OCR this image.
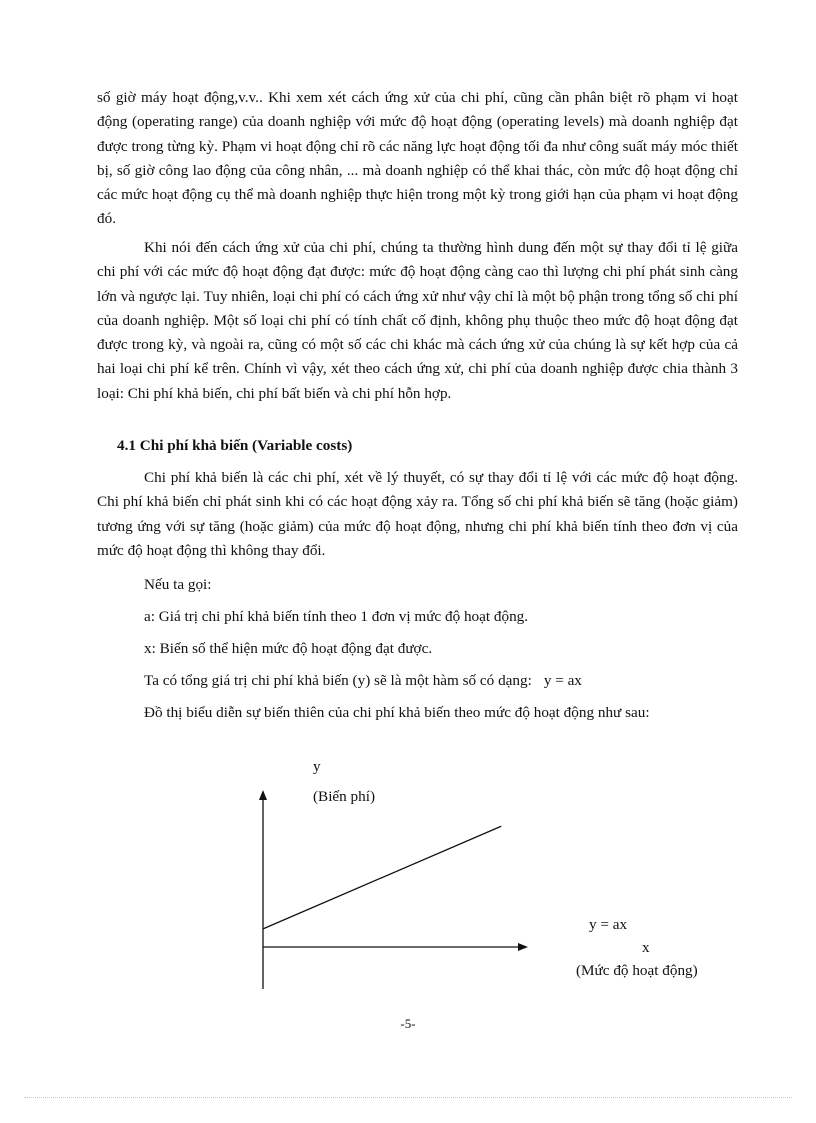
số giờ máy hoạt động,v.v.. Khi xem xét cách ứng xử của chi phí, cũng cần phân biệt rõ phạm vi hoạt động (operating range) của doanh nghiệp với mức độ hoạt động (operating levels) mà doanh nghiệp đạt được trong từng kỳ. Phạm vi hoạt động chỉ rõ các năng lực hoạt động tối đa như công suất máy móc thiết bị, số giờ công lao động của công nhân, ... mà doanh nghiệp có thể khai thác, còn mức độ hoạt động chỉ các mức hoạt động cụ thể mà doanh nghiệp thực hiện trong một kỳ trong giới hạn của phạm vi hoạt động đó.

Khi nói đến cách ứng xử của chi phí, chúng ta thường hình dung đến một sự thay đổi tỉ lệ giữa chi phí với các mức độ hoạt động đạt được: mức độ hoạt động càng cao thì lượng chi phí phát sinh càng lớn và ngược lại. Tuy nhiên, loại chi phí có cách ứng xử như vậy chỉ là một bộ phận trong tổng số chi phí của doanh nghiệp. Một số loại chi phí có tính chất cố định, không phụ thuộc theo mức độ hoạt động đạt được trong kỳ, và ngoài ra, cũng có một số các chi khác mà cách ứng xử của chúng là sự kết hợp của cả hai loại chi phí kể trên. Chính vì vậy, xét theo cách ứng xử, chi phí của doanh nghiệp được chia thành 3 loại: Chi phí khả biến, chi phí bất biến và chi phí hỗn hợp.

4.1 Chi phí khả biến (Variable costs)

Chi phí khả biến là các chi phí, xét về lý thuyết, có sự thay đổi tỉ lệ với các mức độ hoạt động. Chi phí khả biến chỉ phát sinh khi có các hoạt động xảy ra. Tổng số chi phí khả biến sẽ tăng (hoặc giảm) tương ứng với sự tăng (hoặc giảm) của mức độ hoạt động, nhưng chi phí khả biến tính theo đơn vị của mức độ hoạt động thì không thay đổi.

Nếu ta gọi:
a: Giá trị chi phí khả biến tính theo 1 đơn vị mức độ hoạt động.
x: Biến số thể hiện mức độ hoạt động đạt được.
Ta có tổng giá trị chi phí khả biến (y) sẽ là một hàm số có dạng: y = ax
Đồ thị biểu diễn sự biến thiên của chi phí khả biến theo mức độ hoạt động như sau:
y
(Biến phí)
y = ax
x
(Mức độ hoạt động)
-5-
